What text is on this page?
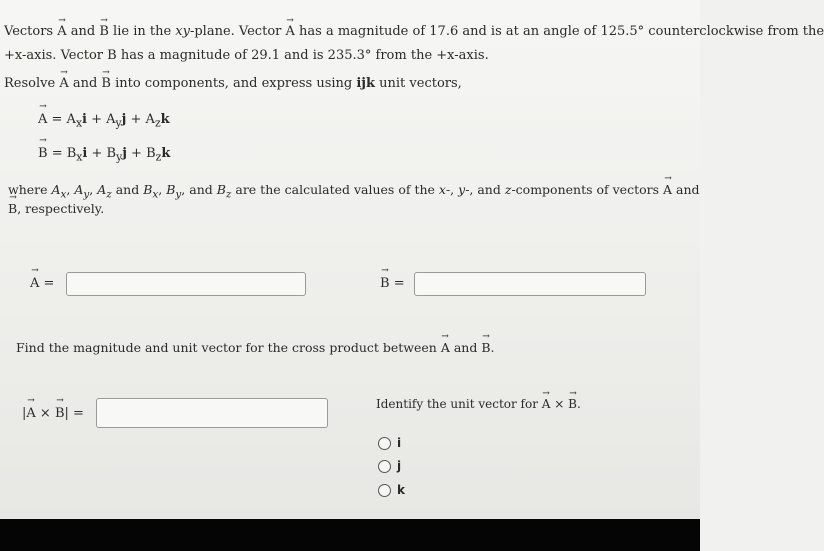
Vectors → A and → B lie in the xy-plane. Vector → A has a magnitude of 17.6 and is at an angle of 125.5° counterclockwise from the
+x-axis. Vector B has a magnitude of 29.1 and is 235.3° from the +x-axis.
Resolve → A and → B into components, and express using ijk unit vectors,
→ $A = A_xi + A_yj + A_zk$
→ $B = B_xi + B_yj + B_zk$
where $A_x$, $A_y$, $A_z$ and $B_x$, $B_y$, and $B_z$ are the calculated values of the x-, y-, and z-components of vectors → A and
→ B, respectively.
→ A =
→	B =
Find the magnitude and unit vector for the cross product between → A and → B.
|→ A × → B| =
Identify the unit vector for → A × → B.
i
j
k
